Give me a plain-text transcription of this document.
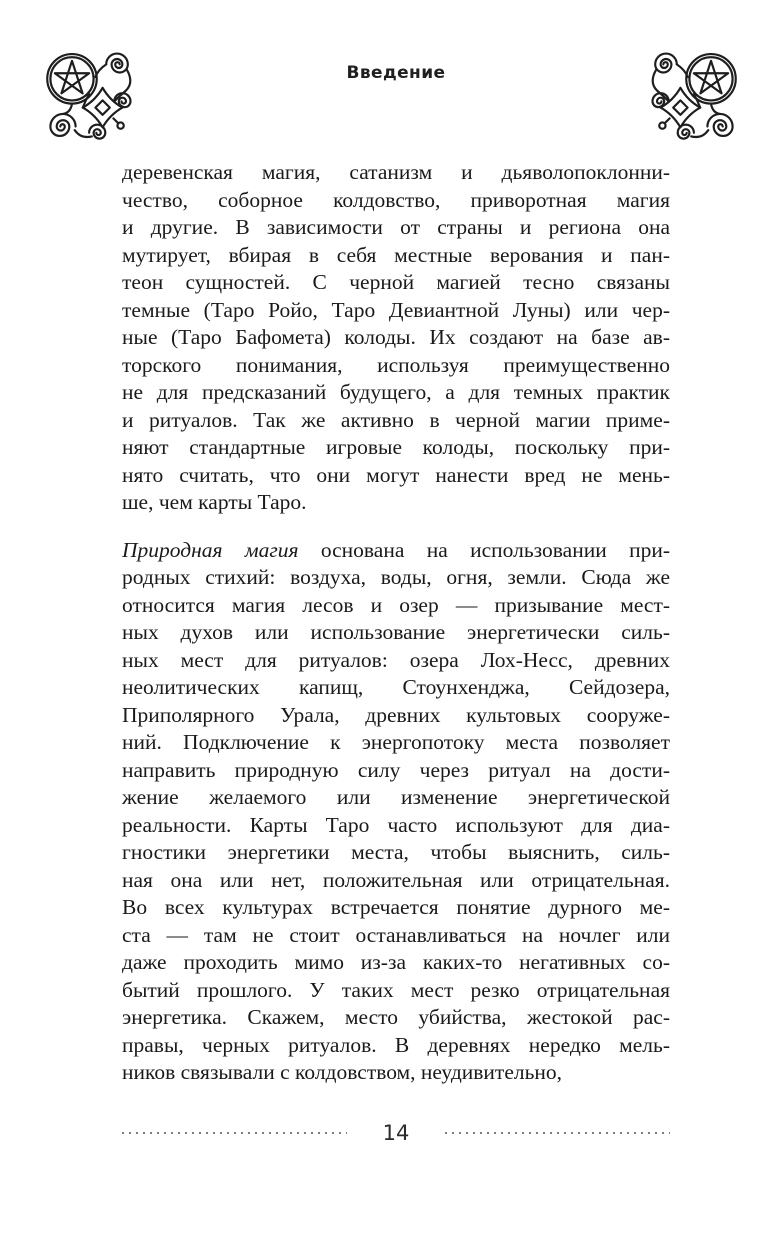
Введение
деревенская магия, сатанизм и дьяволопоклонни-
чество, соборное колдовство, приворотная магия
и другие. В зависимости от страны и региона она
мутирует, вбирая в себя местные верования и пан-
теон сущностей. С черной магией тесно связаны
темные (Таро Ройо, Таро Девиантной Луны) или чер-
ные (Таро Бафомета) колоды. Их создают на базе ав-
торского понимания, используя преимущественно
не для предсказаний будущего, а для темных практик
и ритуалов. Так же активно в черной магии приме-
няют стандартные игровые колоды, поскольку при-
нято считать, что они могут нанести вред не мень-
ше, чем карты Таро.
Природная магия основана на использовании при-
родных стихий: воздуха, воды, огня, земли. Сюда же
относится магия лесов и озер — призывание мест-
ных духов или использование энергетически силь-
ных мест для ритуалов: озера Лох-Несс, древних
неолитических капищ, Стоунхенджа, Сейдозера,
Приполярного Урала, древних культовых сооруже-
ний. Подключение к энергопотоку места позволяет
направить природную силу через ритуал на дости-
жение желаемого или изменение энергетической
реальности. Карты Таро часто используют для диа-
гностики энергетики места, чтобы выяснить, силь-
ная она или нет, положительная или отрицательная.
Во всех культурах встречается понятие дурного ме-
ста — там не стоит останавливаться на ночлег или
даже проходить мимо из-за каких-то негативных со-
бытий прошлого. У таких мест резко отрицательная
энергетика. Скажем, место убийства, жестокой рас-
правы, черных ритуалов. В деревнях нередко мель-
ников связывали с колдовством, неудивительно,
14
